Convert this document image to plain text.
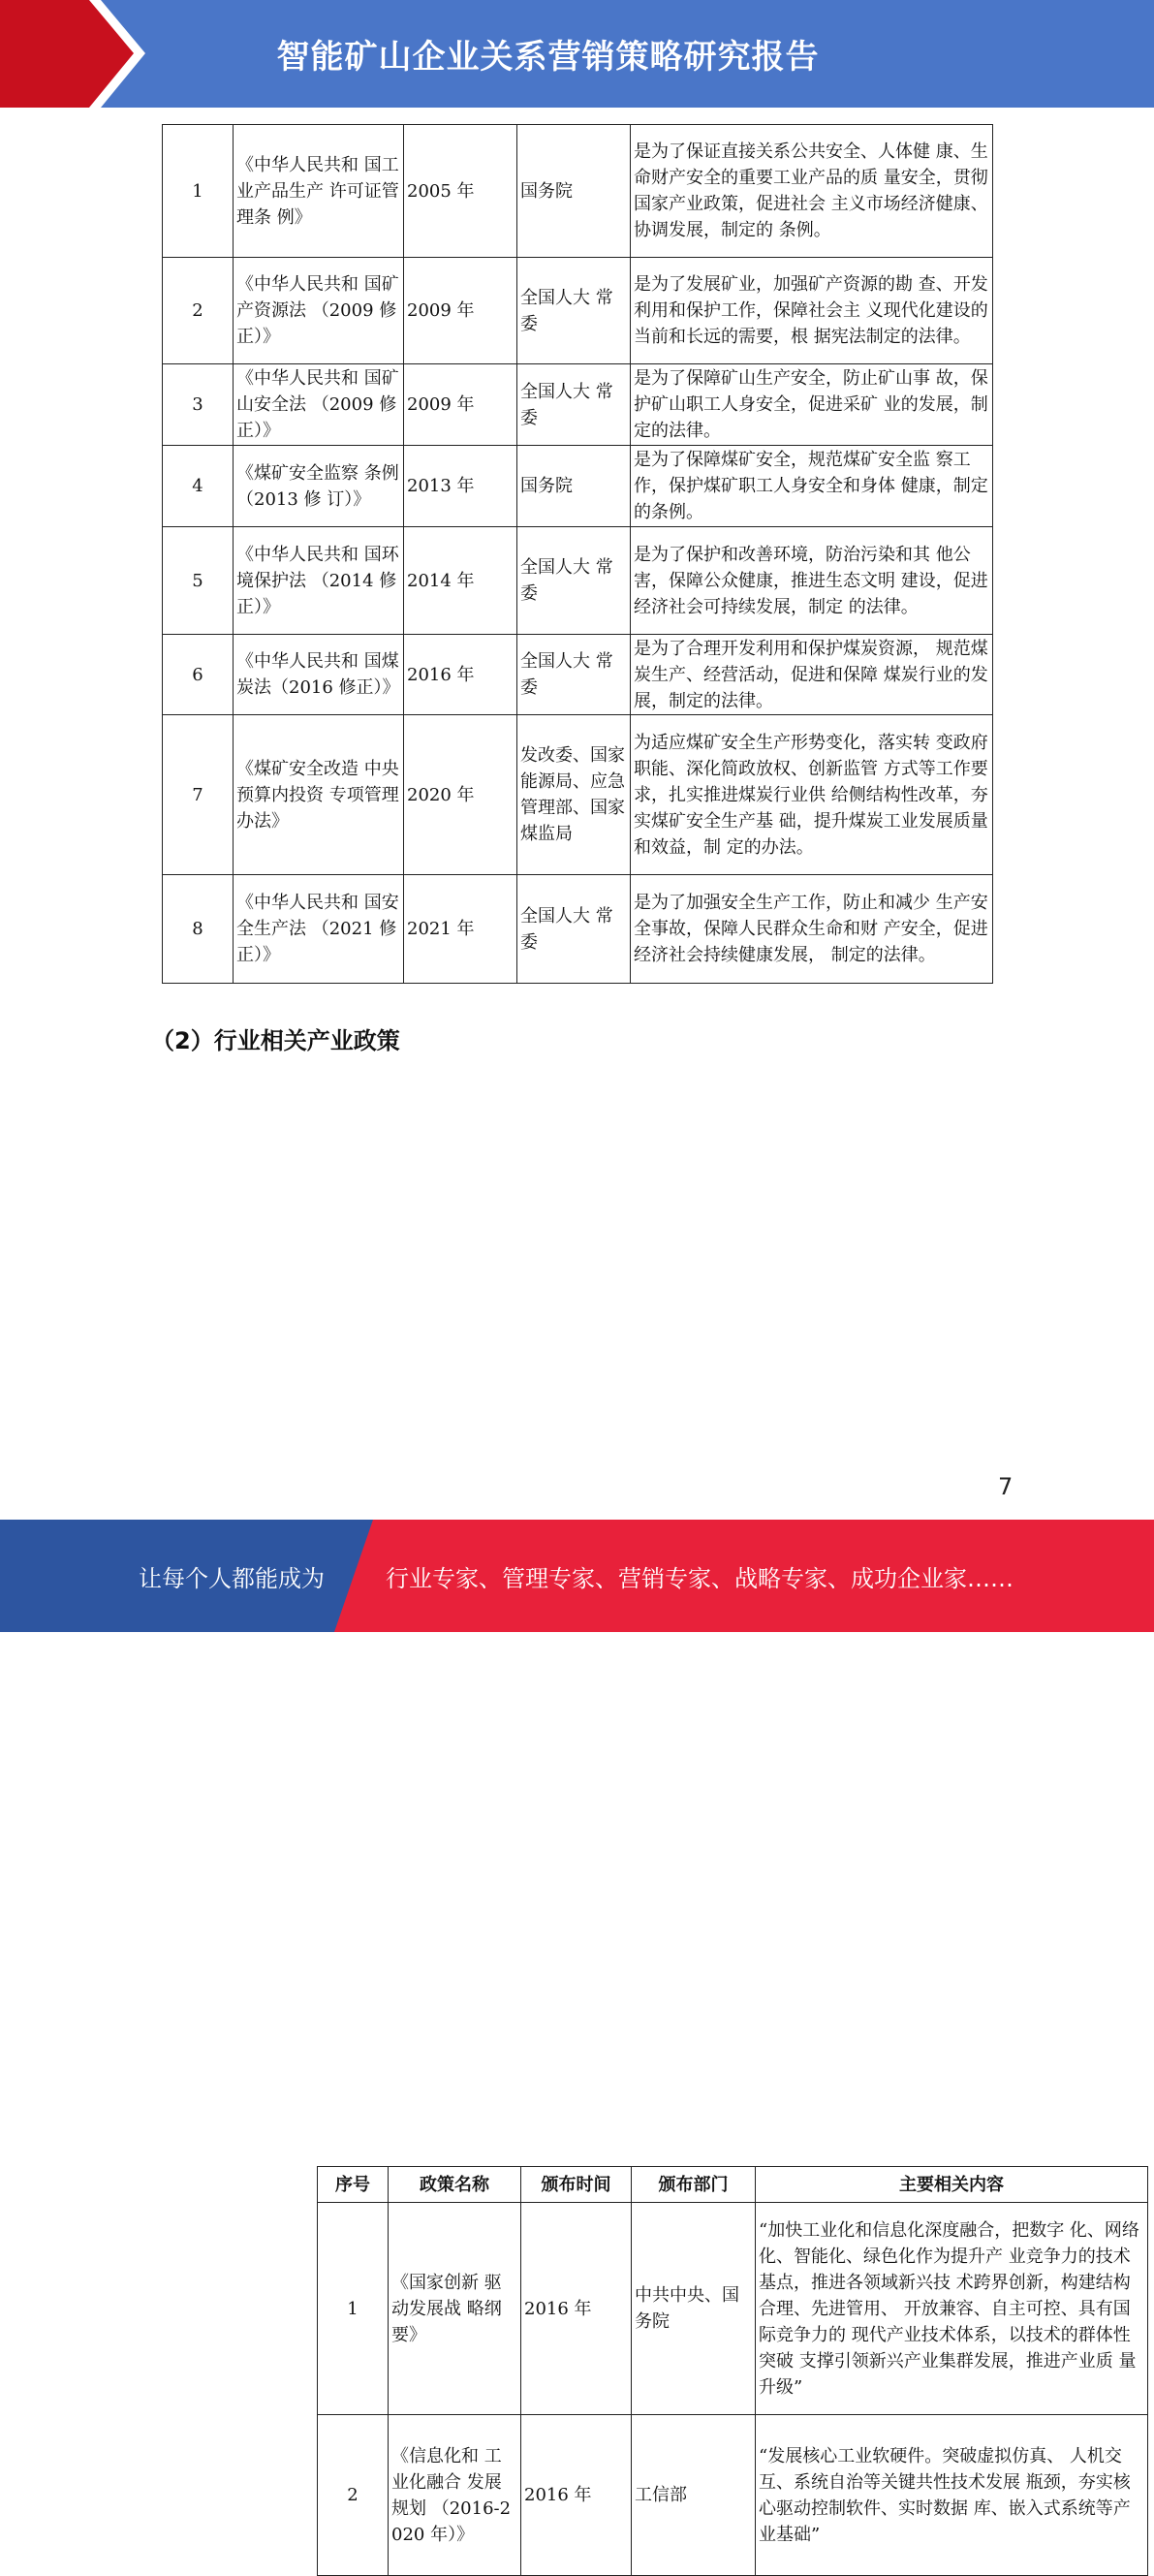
智能矿山企业关系营销策略研究报告
1	《中华人民共和 国工业产品生产 许可证管理条 例》	2005 年	国务院	是为了保证直接关系公共安全、人体健 康、生命财产安全的重要工业产品的质 量安全，贯彻国家产业政策，促进社会 主义市场经济健康、协调发展，制定的 条例。
2	《中华人民共和 国矿产资源法 （2009 修正）》	2009 年	全国人大 常委	是为了发展矿业，加强矿产资源的勘 查、开发利用和保护工作，保障社会主 义现代化建设的当前和长远的需要，根 据宪法制定的法律。
3	《中华人民共和 国矿山安全法 （2009 修正）》	2009 年	全国人大 常委	是为了保障矿山生产安全，防止矿山事 故，保护矿山职工人身安全，促进采矿 业的发展，制定的法律。
4	《煤矿安全监察 条例（2013 修 订）》	2013 年	国务院	是为了保障煤矿安全，规范煤矿安全监 察工作，保护煤矿职工人身安全和身体 健康，制定的条例。
5	《中华人民共和 国环境保护法 （2014 修正）》	2014 年	全国人大 常委	是为了保护和改善环境，防治污染和其 他公害，保障公众健康，推进生态文明 建设，促进经济社会可持续发展，制定 的法律。
6	《中华人民共和 国煤炭法（2016 修正）》	2016 年	全国人大 常委	是为了合理开发利用和保护煤炭资源， 规范煤炭生产、经营活动，促进和保障 煤炭行业的发展，制定的法律。
7	《煤矿安全改造 中央预算内投资 专项管理办法》	2020 年	发改委、国家能源局、应急管理部、国家煤监局	为适应煤矿安全生产形势变化，落实转 变政府职能、深化简政放权、创新监管 方式等工作要求，扎实推进煤炭行业供 给侧结构性改革，夯实煤矿安全生产基 础，提升煤炭工业发展质量和效益，制 定的办法。
8	《中华人民共和 国安全生产法 （2021 修正）》	2021 年	全国人大 常委	是为了加强安全生产工作，防止和减少 生产安全事故，保障人民群众生命和财 产安全，促进经济社会持续健康发展， 制定的法律。
（2）行业相关产业政策
序号	政策名称	颁布时间	颁布部门	主要相关内容
1	《国家创新 驱动发展战 略纲要》	2016 年	中共中央、国务院	“加快工业化和信息化深度融合，把数字 化、网络化、智能化、绿色化作为提升产 业竞争力的技术基点，推进各领域新兴技 术跨界创新，构建结构合理、先进管用、 开放兼容、自主可控、具有国际竞争力的 现代产业技术体系，以技术的群体性突破 支撑引领新兴产业集群发展，推进产业质 量升级”
2	《信息化和 工业化融合 发展规划 （2016-2020 年）》	2016 年	工信部	“发展核心工业软硬件。突破虚拟仿真、 人机交互、系统自治等关键共性技术发展 瓶颈，夯实核心驱动控制软件、实时数据 库、嵌入式系统等产业基础”
7
让每个人都能成为	行业专家、管理专家、营销专家、战略专家、成功企业家……
